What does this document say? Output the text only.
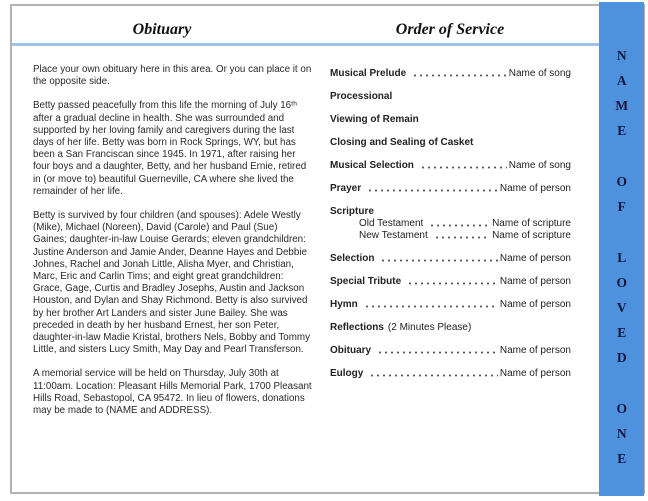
Obituary	Order of Service

Place your own obituary here in this area. Or you can place it on the opposite side.

Betty passed peacefully from this life the morning of July 16ᵗʰ after a gradual decline in health. She was surrounded and supported by her loving family and caregivers during the last days of her life. Betty was born in Rock Springs, WY, but has been a San Franciscan since 1945. In 1971, after raising her four boys and a daughter, Betty, and her husband Ernie, retired in (or move to) beautiful Guerneville, CA where she lived the remainder of her life.

Betty is survived by four children (and spouses): Adele Westly (Mike), Michael (Noreen), David (Carole) and Paul (Sue) Gaines; daughter-in-law Louise Gerards; eleven grandchildren: Justine Anderson and Jamie Ander, Deanne Hayes and Debbie Johnes, Rachel and Jonah Little, Alisha Myer, and Christian, Marc, Eric and Carlin Tims; and eight great grandchildren: Grace, Gage, Curtis and Bradley Josephs, Austin and Jackson Houston, and Dylan and Shay Richmond. Betty is also survived by her brother Art Landers and sister June Bailey. She was preceded in death by her husband Ernest, her son Peter, daughter-in-law Madie Kristal, brothers Nels, Bobby and Tommy Little, and sisters Lucy Smith, May Day and Pearl Transferson.

A memorial service will be held on Thursday, July 30th at 11:00am. Location: Pleasant Hills Memorial Park, 1700 Pleasant Hills Road, Sebastopol, CA 95472. In lieu of flowers, donations may be made to (NAME and ADDRESS).

Musical Prelude	Name of song
Processional
Viewing of Remain
Closing and Sealing of Casket
Musical Selection	Name of song
Prayer	Name of person
Scripture
Old Testament	Name of scripture
New Testament	Name of scripture
Selection	Name of person
Special Tribute	Name of person
Hymn	Name of person
Reflections (2 Minutes Please)
Obituary	Name of person
Eulogy	Name of person
NAME
OF
LOVED
ONE
